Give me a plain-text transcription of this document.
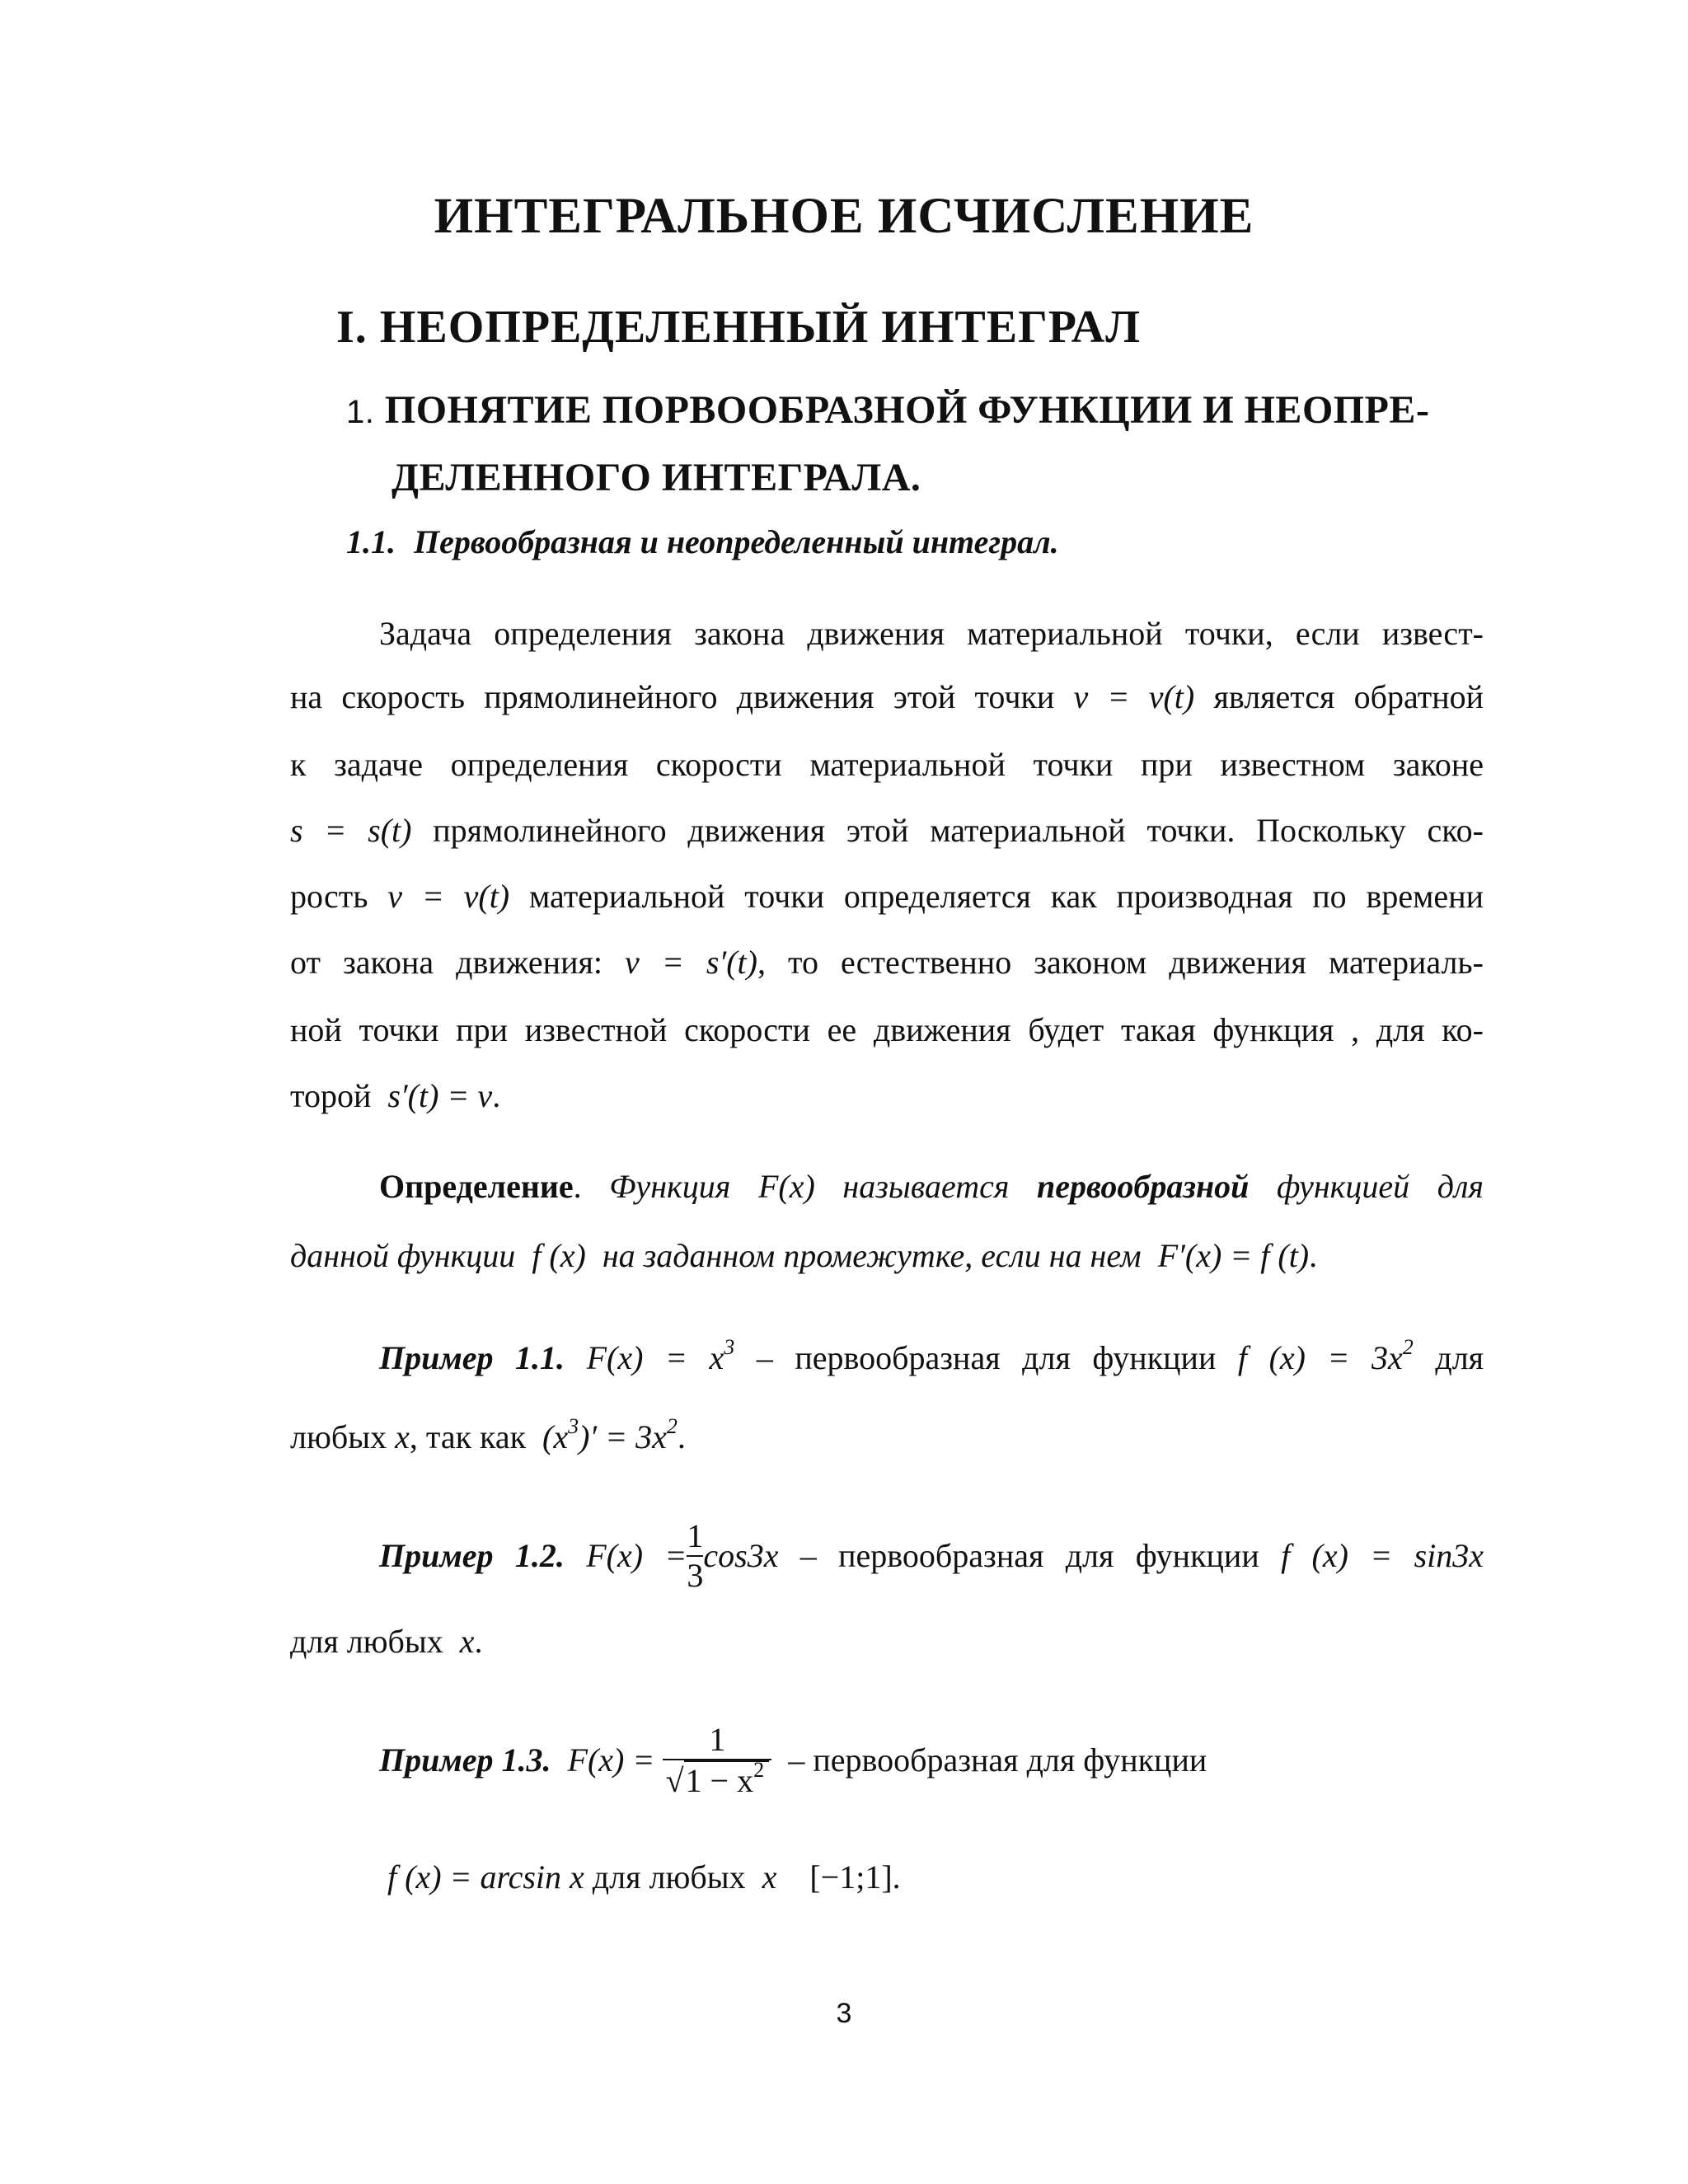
ИНТЕГРАЛЬНОЕ ИСЧИСЛЕНИЕ
I. НЕОПРЕДЕЛЕННЫЙ ИНТЕГРАЛ
1. ПОНЯТИЕ ПОРВООБРАЗНОЙ ФУНКЦИИ И НЕОПРЕ-
ДЕЛЕННОГО ИНТЕГРАЛА.
1.1. Первообразная и неопределенный интеграл.
Задача определения закона движения материальной точки, если извест-
на скорость прямолинейного движения этой точки v = v(t) является обратной
к задаче определения скорости материальной точки при известном законе
s = s(t) прямолинейного движения этой материальной точки. Поскольку ско-
рость v = v(t) материальной точки определяется как производная по времени
от закона движения: v = s′(t), то естественно законом движения материаль-
ной точки при известной скорости ее движения будет такая функция , для ко-
торой s′(t) = v.
Определение. Функция F(x) называется первообразной функцией для
данной функции f (x) на заданном промежутке, если на нем F′(x) = f (t).
Пример 1.1. $F(x) = x^3$ – первообразная для функции f $(x) = 3x^2$ для
любых x, так как $(x^3)' = 3x^2$.
Пример 1.2. $F(x) = \frac{1}{3} \cos 3x$ – первообразная для функции f (x) = sin3x
для любых x.
Пример 1.3. $F(x) = \frac{1}{√1 - x^2}$ – первообразная для функции
f (x) = arcsin x для любых x [−1;1].
3
